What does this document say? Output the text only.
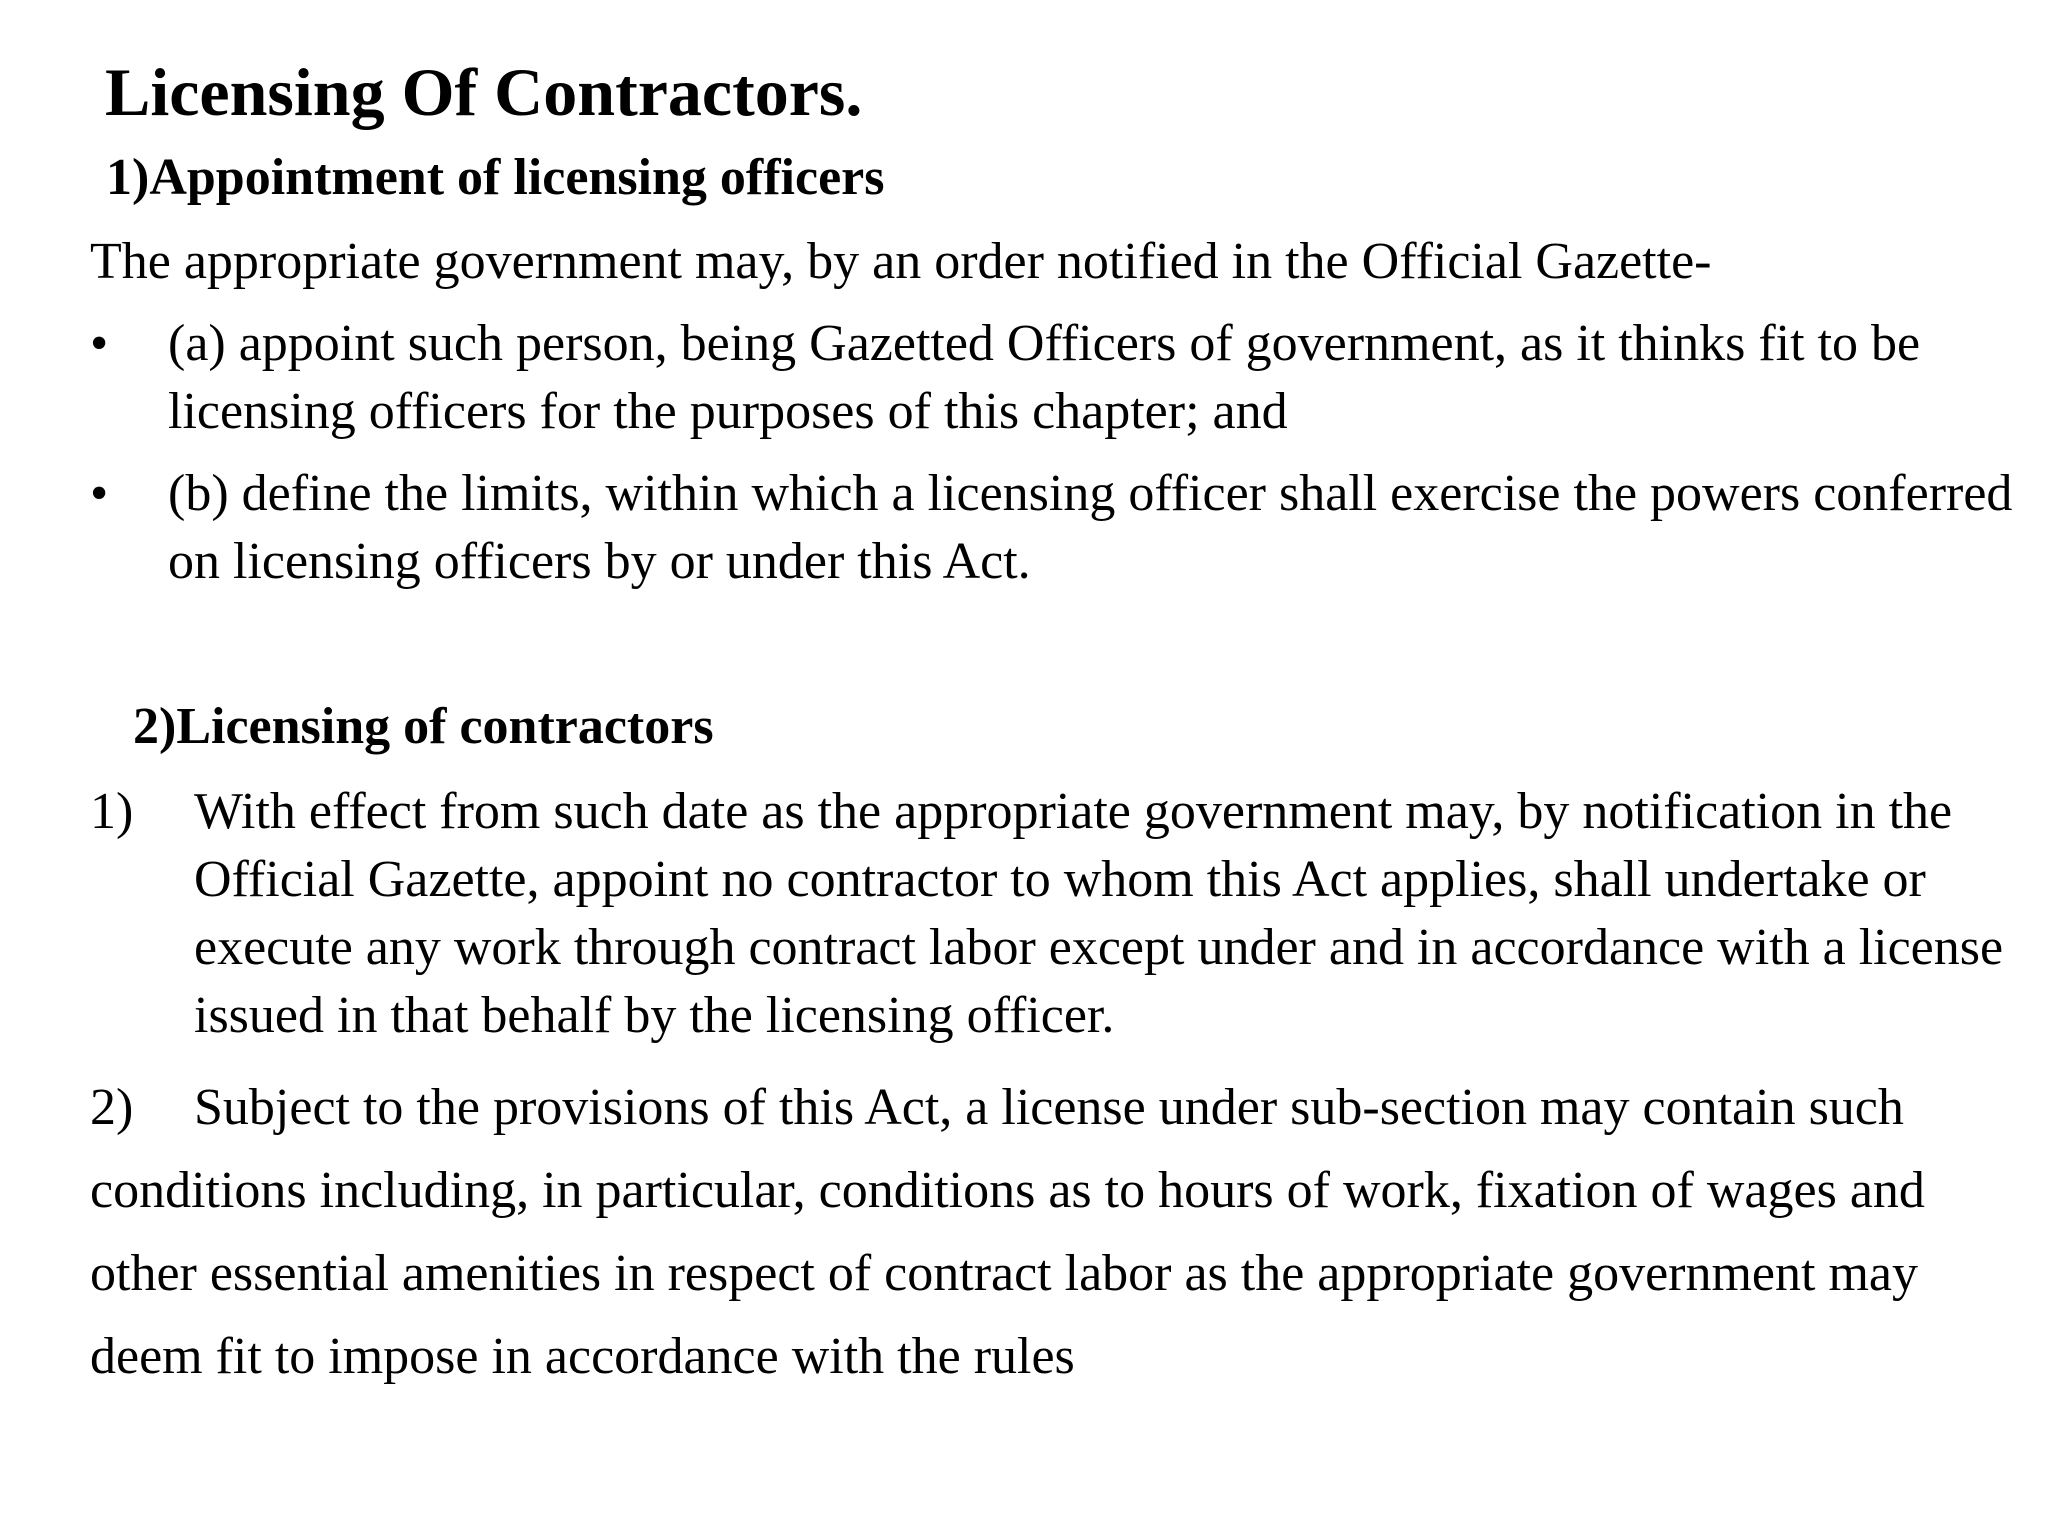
Licensing Of Contractors.
1)Appointment of licensing officers
The appropriate government may, by an order notified in the Official Gazette-
•	(a) appoint such person, being Gazetted Officers of government, as it thinks fit to be licensing officers for the purposes of this chapter; and
•	(b) define the limits, within which a licensing officer shall exercise the powers conferred on licensing officers by or under this Act.
2)Licensing of contractors
1)	With effect from such date as the appropriate government may, by notification in the Official Gazette, appoint no contractor to whom this Act applies, shall undertake or execute any work through contract labor except under and in accordance with a license issued in that behalf by the licensing officer.
2) Subject to the provisions of this Act, a license under sub-section may contain such conditions including, in particular, conditions as to hours of work, fixation of wages and other essential amenities in respect of contract labor as the appropriate government may deem fit to impose in accordance with the rules
